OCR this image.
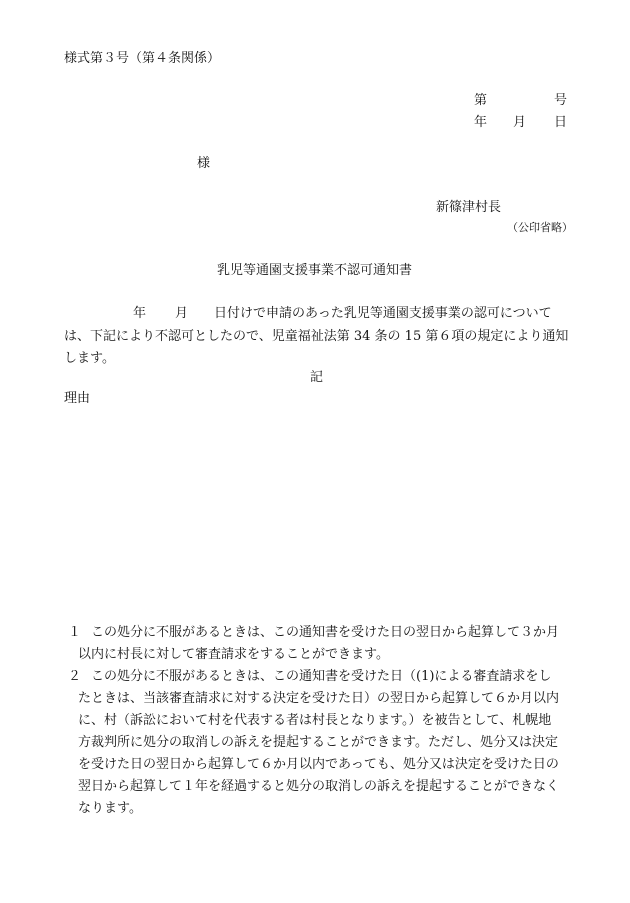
様式第３号（第４条関係）
第	号
年 月 日
様
新篠津村長
（公印省略）
乳児等通園支援事業不認可通知書
年 月 日付けで申請のあった乳児等通園支援事業の認可について
は、下記により不認可としたので、児童福祉法第 34 条の 15 第６項の規定により通知
します。
記
理由
１ この処分に不服があるときは、この通知書を受けた日の翌日から起算して３か月
以内に村長に対して審査請求をすることができます。
２ この処分に不服があるときは、この通知書を受けた日（(1)による審査請求をし
たときは、当該審査請求に対する決定を受けた日）の翌日から起算して６か月以内
に、村（訴訟において村を代表する者は村長となります。）を被告として、札幌地
方裁判所に処分の取消しの訴えを提起することができます。ただし、処分又は決定
を受けた日の翌日から起算して６か月以内であっても、処分又は決定を受けた日の
翌日から起算して１年を経過すると処分の取消しの訴えを提起することができなく
なります。
